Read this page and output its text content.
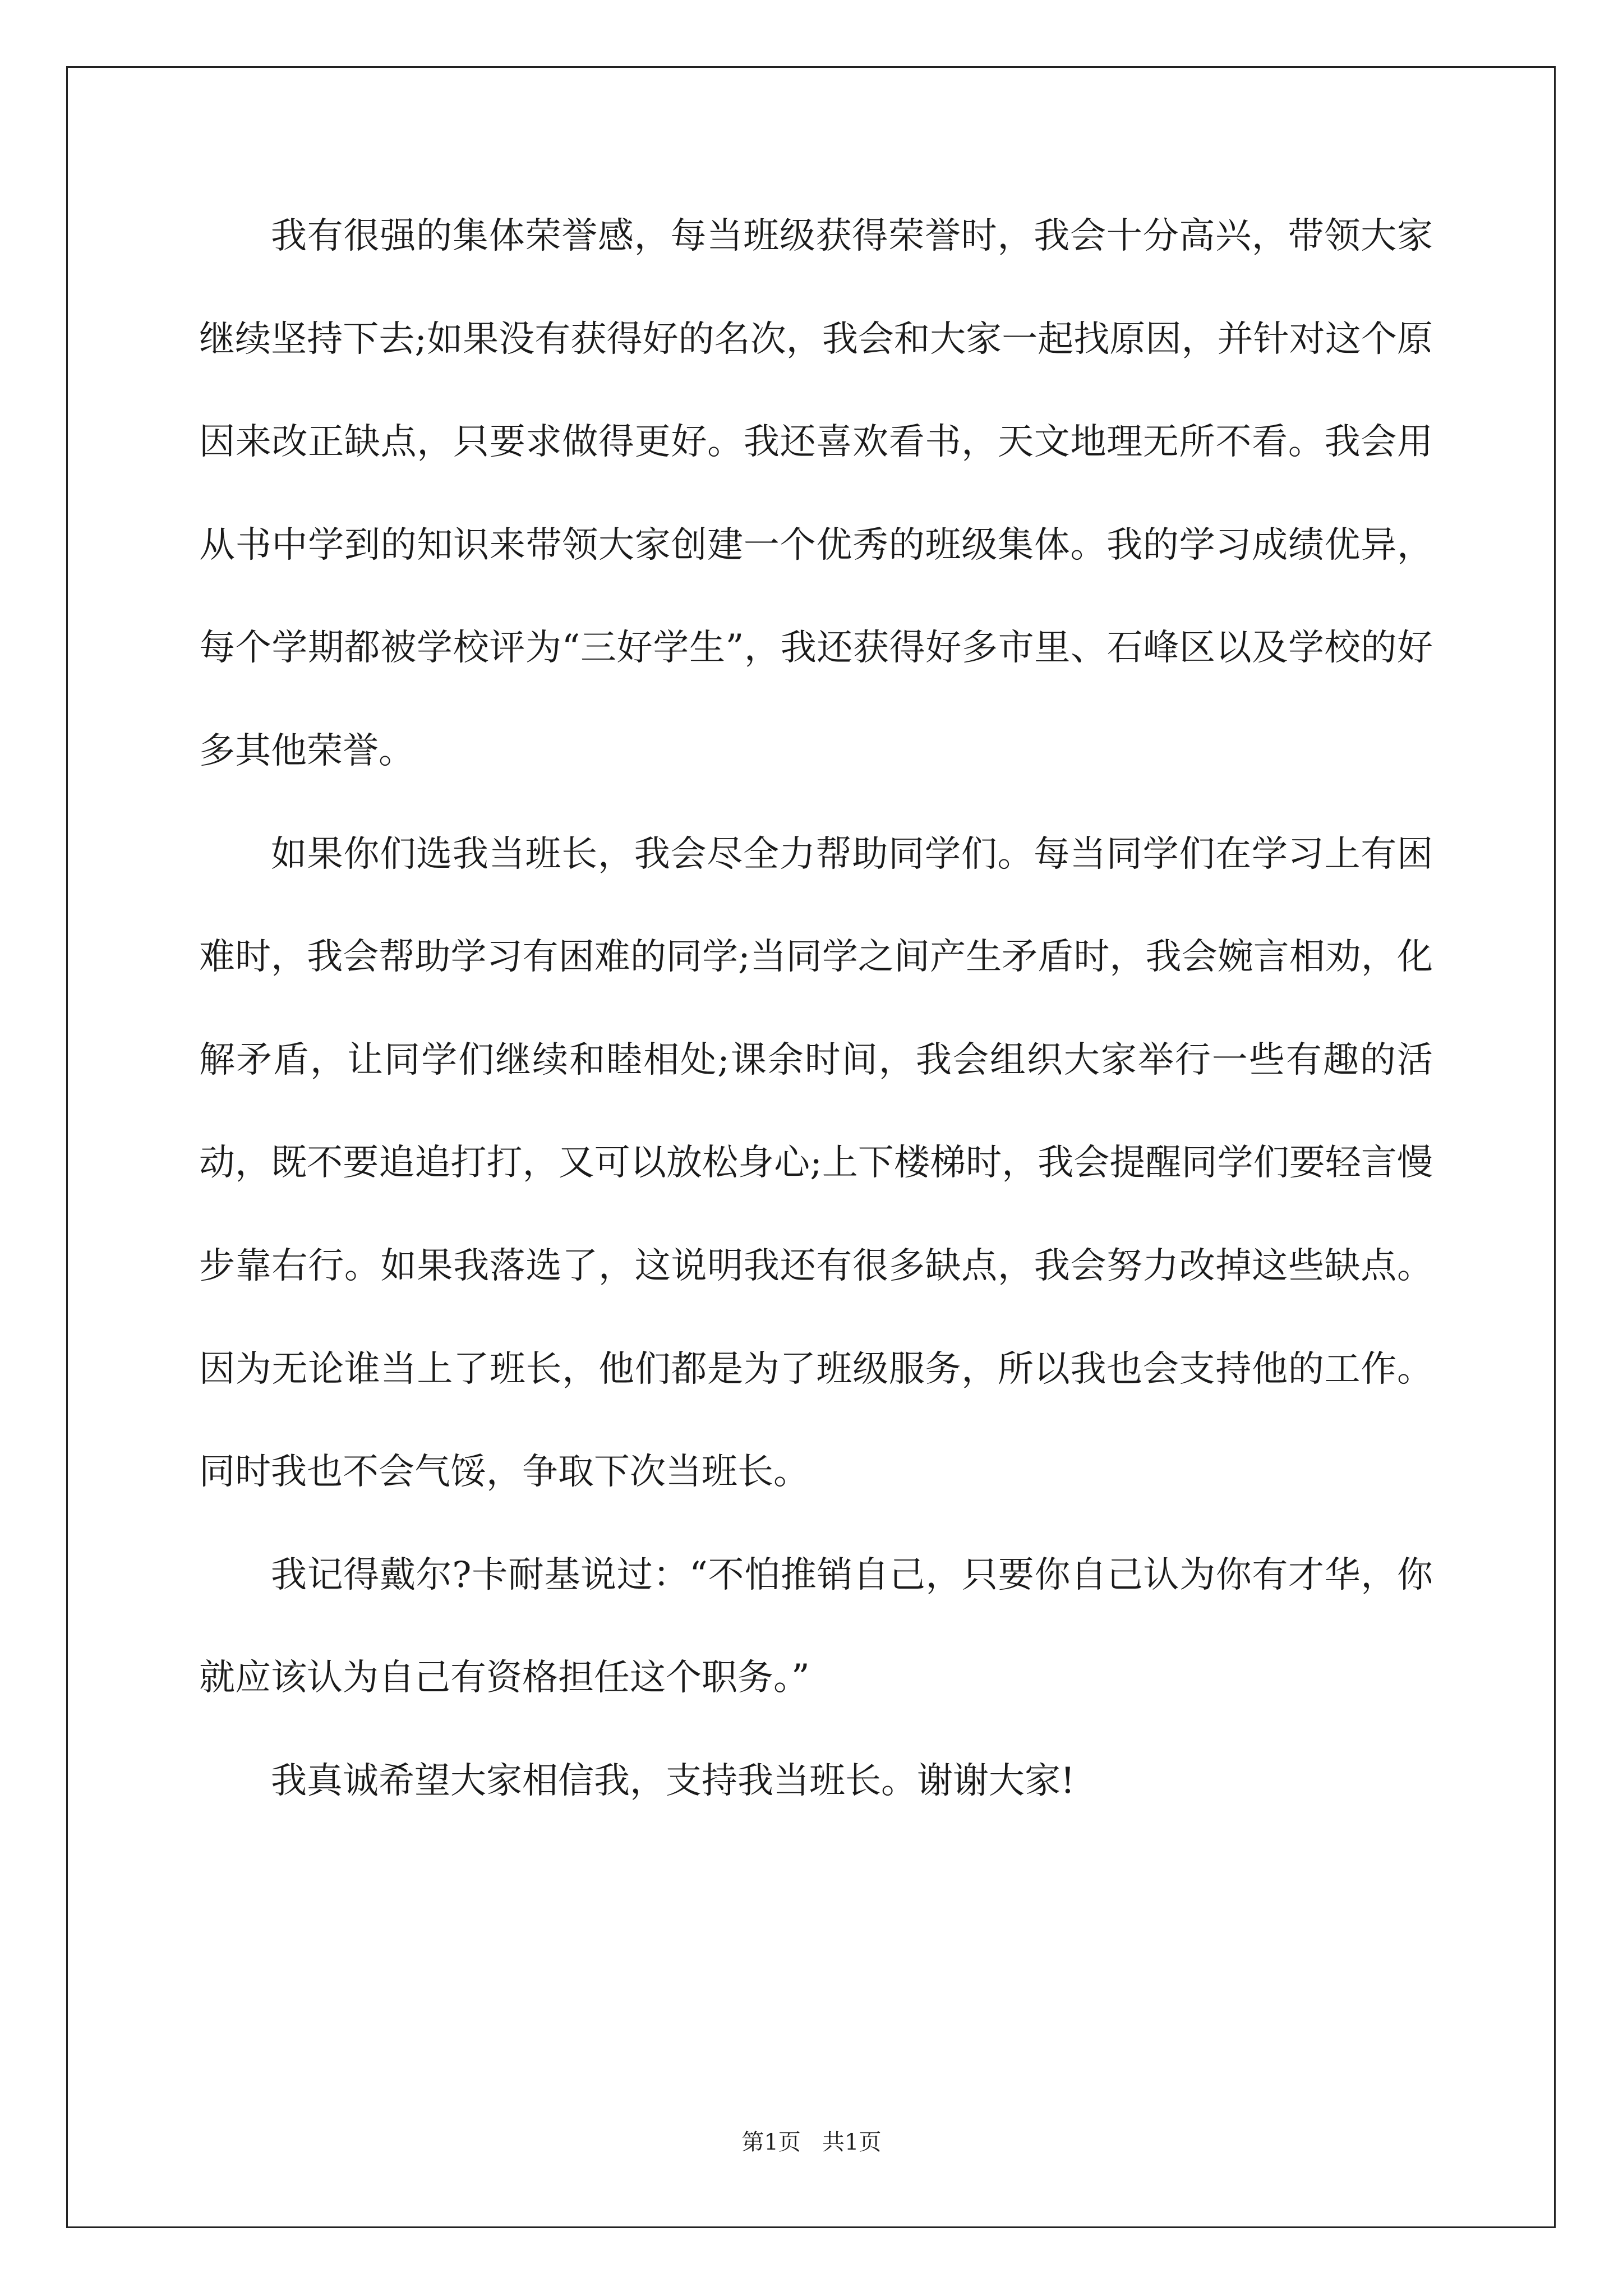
我有很强的集体荣誉感，每当班级获得荣誉时，我会十分高兴，带领大家继续坚持下去;如果没有获得好的名次，我会和大家一起找原因，并针对这个原因来改正缺点，只要求做得更好。我还喜欢看书，天文地理无所不看。我会用从书中学到的知识来带领大家创建一个优秀的班级集体。我的学习成绩优异，每个学期都被学校评为“三好学生”，我还获得好多市里、石峰区以及学校的好多其他荣誉。

如果你们选我当班长，我会尽全力帮助同学们。每当同学们在学习上有困难时，我会帮助学习有困难的同学;当同学之间产生矛盾时，我会婉言相劝，化解矛盾，让同学们继续和睦相处;课余时间，我会组织大家举行一些有趣的活动，既不要追追打打，又可以放松身心;上下楼梯时，我会提醒同学们要轻言慢步靠右行。如果我落选了，这说明我还有很多缺点，我会努力改掉这些缺点。因为无论谁当上了班长，他们都是为了班级服务，所以我也会支持他的工作。同时我也不会气馁，争取下次当班长。

我记得戴尔?卡耐基说过：“不怕推销自己，只要你自己认为你有才华，你就应该认为自己有资格担任这个职务。”

我真诚希望大家相信我，支持我当班长。谢谢大家!

第1页   共1页
